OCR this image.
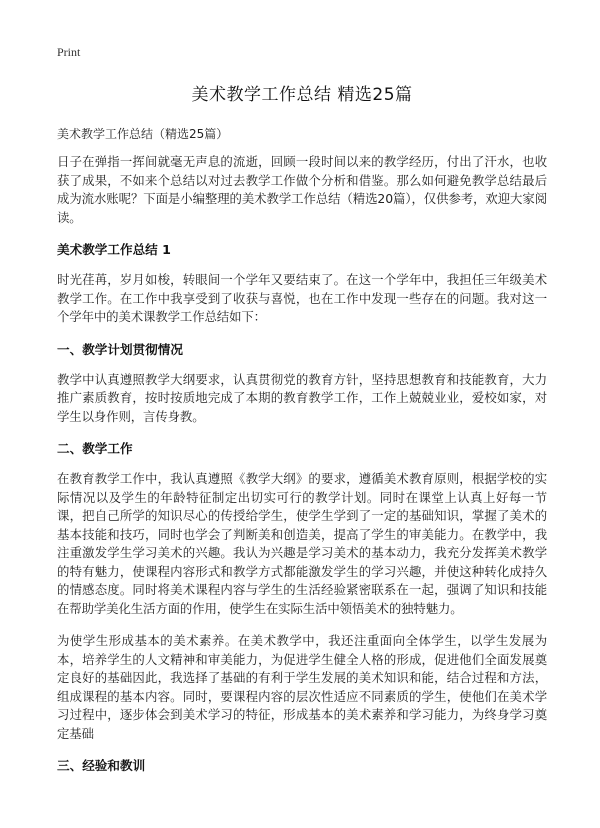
Print
美术教学工作总结 精选25篇
美术教学工作总结（精选25篇）

日子在弹指一挥间就毫无声息的流逝，回顾一段时间以来的教学经历，付出了汗水，也收获了成果，不如来个总结以对过去教学工作做个分析和借鉴。那么如何避免教学总结最后成为流水账呢？下面是小编整理的美术教学工作总结（精选20篇），仅供参考，欢迎大家阅读。

美术教学工作总结 1

时光荏苒，岁月如梭，转眼间一个学年又要结束了。在这一个学年中，我担任三年级美术教学工作。在工作中我享受到了收获与喜悦，也在工作中发现一些存在的问题。我对这一个学年中的美术课教学工作总结如下：

一、教学计划贯彻情况

教学中认真遵照教学大纲要求，认真贯彻党的教育方针，坚持思想教育和技能教育，大力推广素质教育，按时按质地完成了本期的教育教学工作，工作上兢兢业业，爱校如家，对学生以身作则，言传身教。

二、教学工作

在教育教学工作中，我认真遵照《教学大纲》的要求，遵循美术教育原则，根据学校的实际情况以及学生的年龄特征制定出切实可行的教学计划。同时在课堂上认真上好每一节课，把自己所学的知识尽心的传授给学生，使学生学到了一定的基础知识，掌握了美术的基本技能和技巧，同时也学会了判断美和创造美，提高了学生的审美能力。在教学中，我注重激发学生学习美术的兴趣。我认为兴趣是学习美术的基本动力，我充分发挥美术教学的特有魅力，使课程内容形式和教学方式都能激发学生的学习兴趣，并使这种转化成持久的情感态度。同时将美术课程内容与学生的生活经验紧密联系在一起，强调了知识和技能在帮助学美化生活方面的作用，使学生在实际生活中领悟美术的独特魅力。

为使学生形成基本的美术素养。在美术教学中，我还注重面向全体学生，以学生发展为本，培养学生的人文精神和审美能力，为促进学生健全人格的形成，促进他们全面发展奠定良好的基础因此，我选择了基础的有利于学生发展的美术知识和能，结合过程和方法，组成课程的基本内容。同时，要课程内容的层次性适应不同素质的学生，使他们在美术学习过程中，逐步体会到美术学习的特征，形成基本的美术素养和学习能力，为终身学习奠定基础

三、经验和教训
